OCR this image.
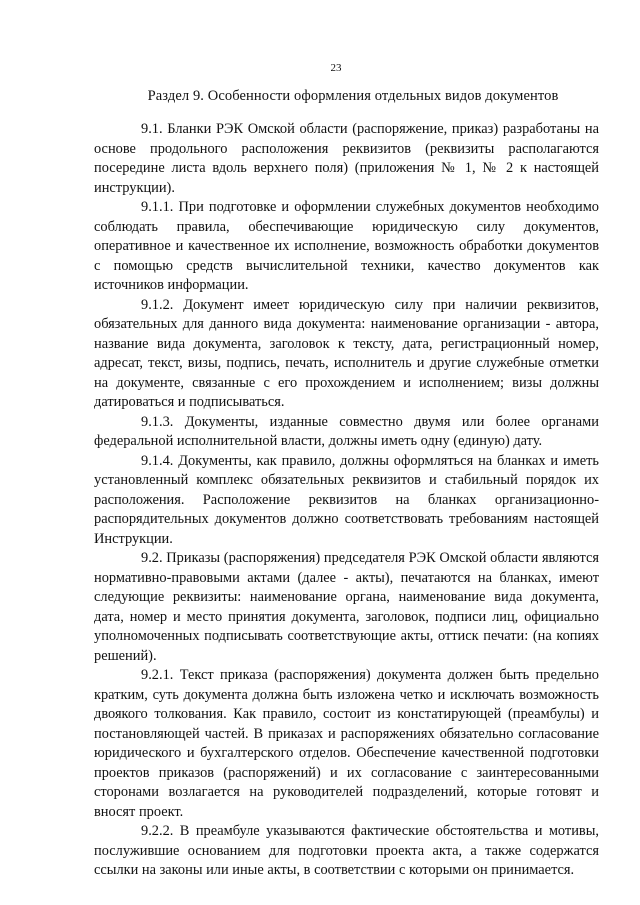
23
Раздел 9. Особенности оформления отдельных видов документов

9.1. Бланки РЭК Омской области (распоряжение, приказ) разработаны на основе продольного расположения реквизитов (реквизиты располагаются посередине листа вдоль верхнего поля) (приложения № 1, № 2 к настоящей инструкции).

9.1.1. При подготовке и оформлении служебных документов необходимо соблюдать правила, обеспечивающие юридическую силу документов, оперативное и качественное их исполнение, возможность обработки документов с помощью средств вычислительной техники, качество документов как источников информации.

9.1.2. Документ имеет юридическую силу при наличии реквизитов, обязательных для данного вида документа: наименование организации - автора, название вида документа, заголовок к тексту, дата, регистрационный номер, адресат, текст, визы, подпись, печать, исполнитель и другие служебные отметки на документе, связанные с его прохождением и исполнением; визы должны датироваться и подписываться.

9.1.3. Документы, изданные совместно двумя или более органами федеральной исполнительной власти, должны иметь одну (единую) дату.

9.1.4. Документы, как правило, должны оформляться на бланках и иметь установленный комплекс обязательных реквизитов и стабильный порядок их расположения. Расположение реквизитов на бланках организационно-распорядительных документов должно соответствовать требованиям настоящей Инструкции.

9.2. Приказы (распоряжения) председателя РЭК Омской области являются нормативно-правовыми актами (далее - акты), печатаются на бланках, имеют следующие реквизиты: наименование органа, наименование вида документа, дата, номер и место принятия документа, заголовок, подписи лиц, официально уполномоченных подписывать соответствующие акты, оттиск печати: (на копиях решений).

9.2.1. Текст приказа (распоряжения) документа должен быть предельно кратким, суть документа должна быть изложена четко и исключать возможность двоякого толкования. Как правило, состоит из констатирующей (преамбулы) и постановляющей частей. В приказах и распоряжениях обязательно согласование юридического и бухгалтерского отделов. Обеспечение качественной подготовки проектов приказов (распоряжений) и их согласование с заинтересованными сторонами возлагается на руководителей подразделений, которые готовят и вносят проект.

9.2.2. В преамбуле указываются фактические обстоятельства и мотивы, послужившие основанием для подготовки проекта акта, а также содержатся ссылки на законы или иные акты, в соответствии с которыми он принимается.
